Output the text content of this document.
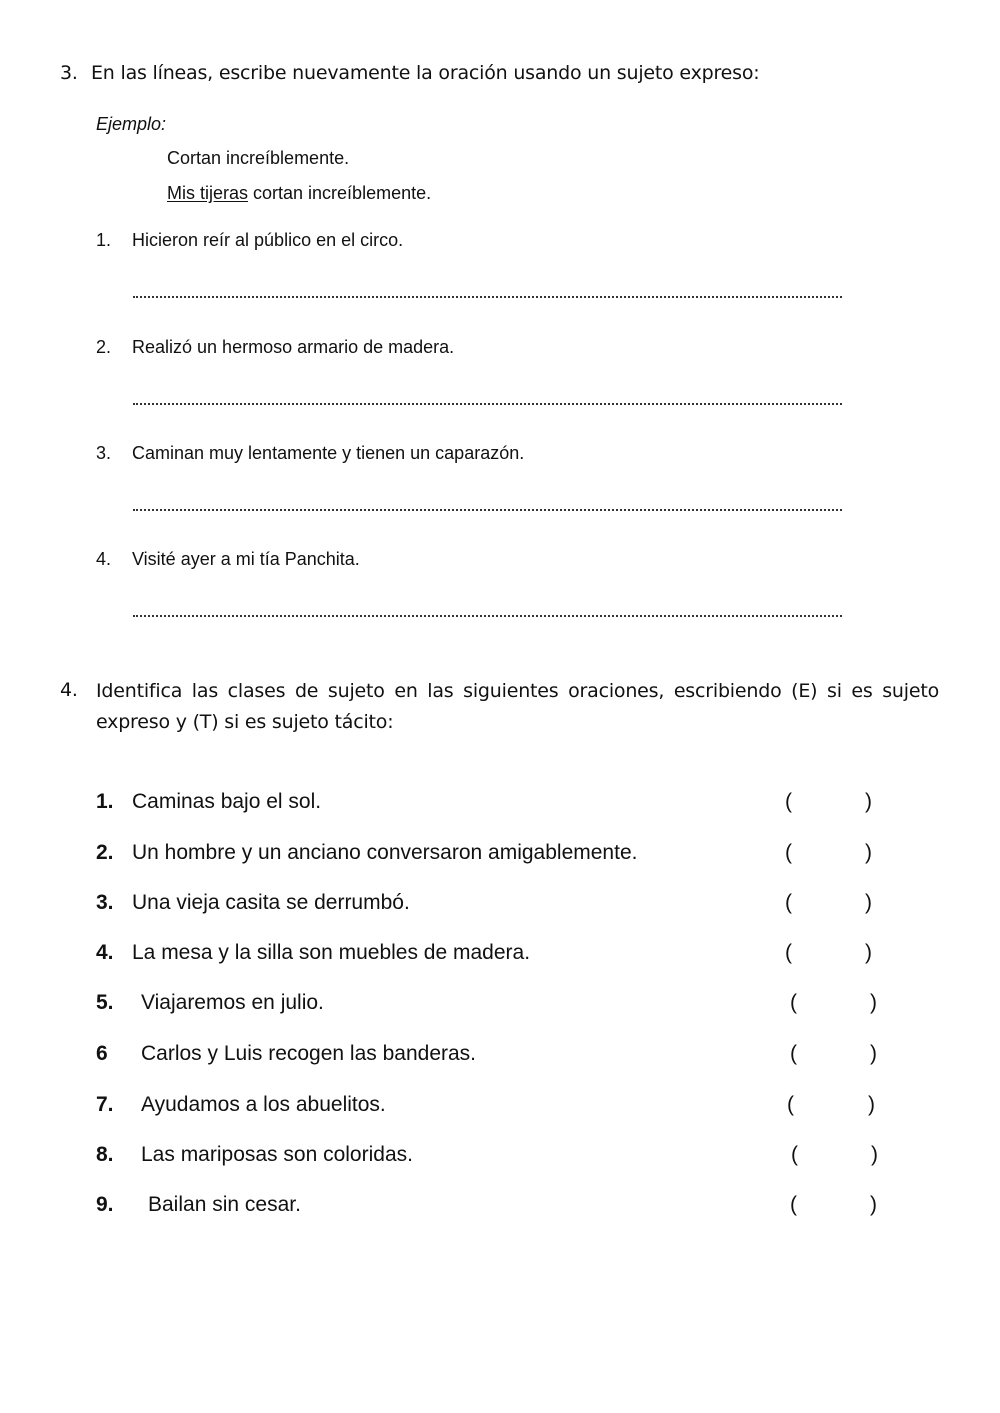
3. En las líneas, escribe nuevamente la oración usando un sujeto expreso:
Ejemplo:
Cortan increíblemente.
Mis tijeras cortan increíblemente.
1. Hicieron reír al público en el circo.
2. Realizó un hermoso armario de madera.
3. Caminan muy lentamente y tienen un caparazón.
4. Visité ayer a mi tía Panchita.
4. Identifica las clases de sujeto en las siguientes oraciones, escribiendo (E) si es sujeto expreso y (T) si es sujeto tácito:
1. Caminas bajo el sol.	(	)
2. Un hombre y un anciano conversaron amigablemente.	(	)
3. Una vieja casita se derrumbó.	(	)
4. La mesa y la silla son muebles de madera.	(	)
5. Viajaremos en julio.	(	)
6 Carlos y Luis recogen las banderas.	(	)
7. Ayudamos a los abuelitos.	(	)
8. Las mariposas son coloridas.	(	)
9. Bailan sin cesar.	(	)
